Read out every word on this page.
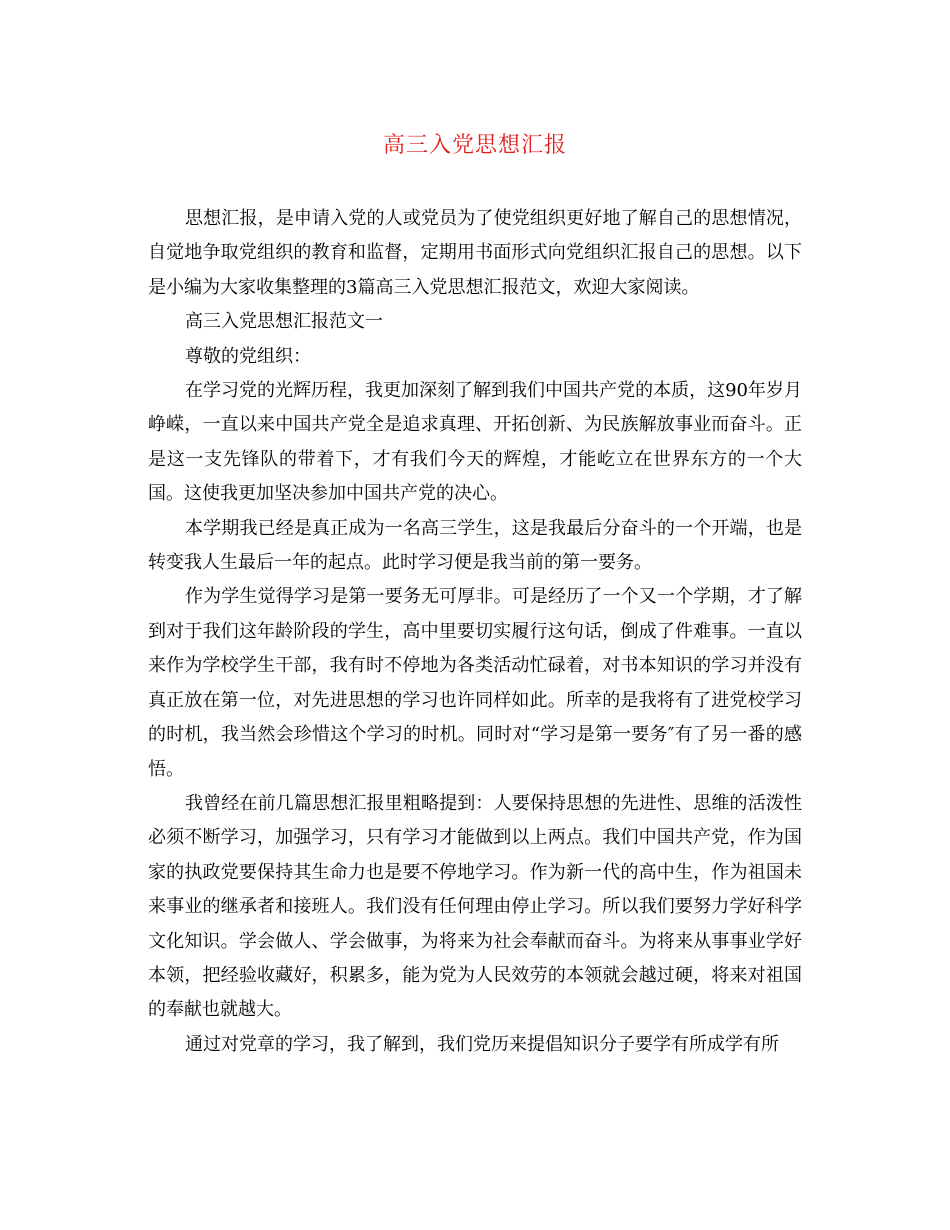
高三入党思想汇报

思想汇报，是申请入党的人或党员为了使党组织更好地了解自己的思想情况，自觉地争取党组织的教育和监督，定期用书面形式向党组织汇报自己的思想。以下是小编为大家收集整理的3篇高三入党思想汇报范文，欢迎大家阅读。

高三入党思想汇报范文一

尊敬的党组织：

在学习党的光辉历程，我更加深刻了解到我们中国共产党的本质，这90年岁月峥嵘，一直以来中国共产党全是追求真理、开拓创新、为民族解放事业而奋斗。正是这一支先锋队的带着下，才有我们今天的辉煌，才能屹立在世界东方的一个大国。这使我更加坚决参加中国共产党的决心。

本学期我已经是真正成为一名高三学生，这是我最后分奋斗的一个开端，也是转变我人生最后一年的起点。此时学习便是我当前的第一要务。

作为学生觉得学习是第一要务无可厚非。可是经历了一个又一个学期，才了解到对于我们这年龄阶段的学生，高中里要切实履行这句话，倒成了件难事。一直以来作为学校学生干部，我有时不停地为各类活动忙碌着，对书本知识的学习并没有真正放在第一位，对先进思想的学习也许同样如此。所幸的是我将有了进党校学习的时机，我当然会珍惜这个学习的时机。同时对“学习是第一要务″有了另一番的感悟。

我曾经在前几篇思想汇报里粗略提到：人要保持思想的先进性、思维的活泼性必须不断学习，加强学习，只有学习才能做到以上两点。我们中国共产党，作为国家的执政党要保持其生命力也是要不停地学习。作为新一代的高中生，作为祖国未来事业的继承者和接班人。我们没有任何理由停止学习。所以我们要努力学好科学文化知识。学会做人、学会做事，为将来为社会奉献而奋斗。为将来从事事业学好本领，把经验收藏好，积累多，能为党为人民效劳的本领就会越过硬，将来对祖国的奉献也就越大。

通过对党章的学习，我了解到，我们党历来提倡知识分子要学有所成学有所
